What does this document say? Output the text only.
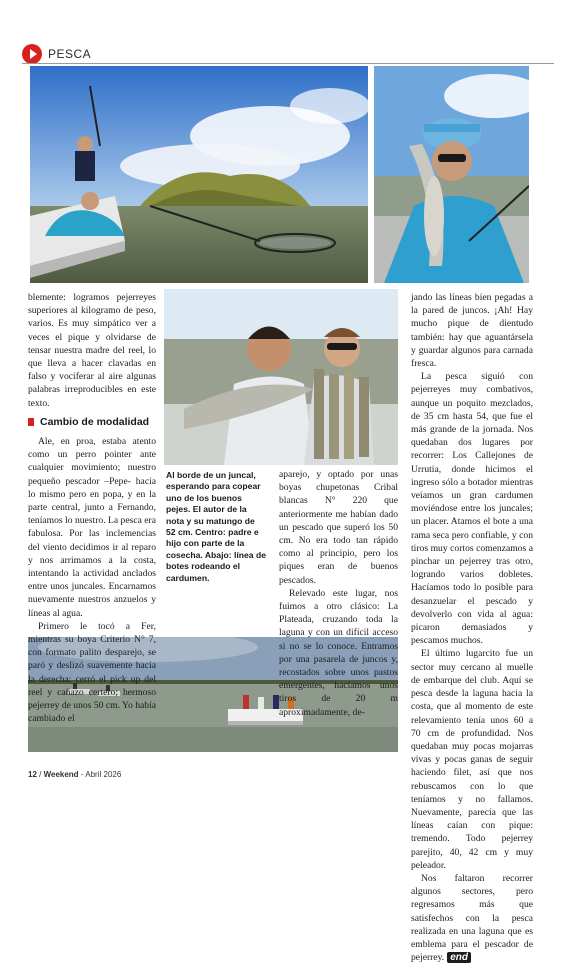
PESCA

blemente: logramos pejerreyes superiores al kilogramo de peso, varios. Es muy simpático ver a veces el pique y olvidarse de tensar nuestra madre del reel, lo que lleva a hacer clavadas en falso y vociferar al aire algunas palabras irreproducibles en este texto.

Cambio de modalidad

Ale, en proa, estaba atento como un perro pointer ante cualquier movimiento; nuestro pequeño pescador –Pepe- hacia lo mismo pero en popa, y en la parte central, junto a Fernando, teníamos lo nuestro. La pesca era fabulosa. Por las inclemencias del viento decidimos ir al reparo y nos arrimamos a la costa, intentando la actividad anclados entre unos juncales. Encarnamos nuevamente nuestros anzuelos y líneas al agua.

Primero le tocó a Fer, mientras su boya Criterio N° 7, con formato palito desparejo, se paró y deslizó suavemente hacia la derecha: cerró el pick up del reel y cañazo certero; hermoso pejerrey de unos 50 cm. Yo había cambiado el

Al borde de un juncal, esperando para copear uno de los buenos pejes. El autor de la nota y su matungo de 52 cm. Centro: padre e hijo con parte de la cosecha. Abajo: línea de botes rodeando el cardumen.

aparejo, y optado por unas boyas chupetonas Cribal blancas N° 220 que anteriormente me habían dado un pescado que superó los 50 cm. No era todo tan rápido como al principio, pero los piques eran de buenos pescados.

Relevado este lugar, nos fuimos a otro clásico: La Plateada, cruzando toda la laguna y con un difícil acceso si no se lo conoce. Entramos por una pasarela de juncos y, recostados sobre unos pastos emergentes, hacíamos unos tiros de 20 m aproximadamente, de-

jando las líneas bien pegadas a la pared de juncos. ¡Ah! Hay mucho pique de dientudo también: hay que aguantársela y guardar algunos para carnada fresca.

La pesca siguió con pejerreyes muy combativos, aunque un poquito mezclados, de 35 cm hasta 54, que fue el más grande de la jornada. Nos quedaban dos lugares por recorrer: Los Callejones de Urrutia, donde hicimos el ingreso sólo a botador mientras veíamos un gran cardumen moviéndose entre los juncales; un placer. Atamos el bote a una rama seca pero confiable, y con tiros muy cortos comenzamos a pinchar un pejerrey tras otro, logrando varios dobletes. Hacíamos todo lo posible para desanzuelar el pescado y devolverlo con vida al agua: picaron demasiados y pescamos muchos.

El último lugarcito fue un sector muy cercano al muelle de embarque del club. Aquí se pesca desde la laguna hacia la costa, que al momento de este relevamiento tenía unos 60 a 70 cm de profundidad. Nos quedaban muy pocas mojarras vivas y pocas ganas de seguir haciendo filet, así que nos rebuscamos con lo que teníamos y no fallamos. Nuevamente, parecía que las líneas caían con pique: tremendo. Todo pejerrey parejito, 40, 42 cm y muy peleador.

Nos faltaron recorrer algunos sectores, pero regresamos más que satisfechos con la pesca realizada en una laguna que es emblema para el pescador de pejerrey. end

12 / Weekend - Abril 2026
